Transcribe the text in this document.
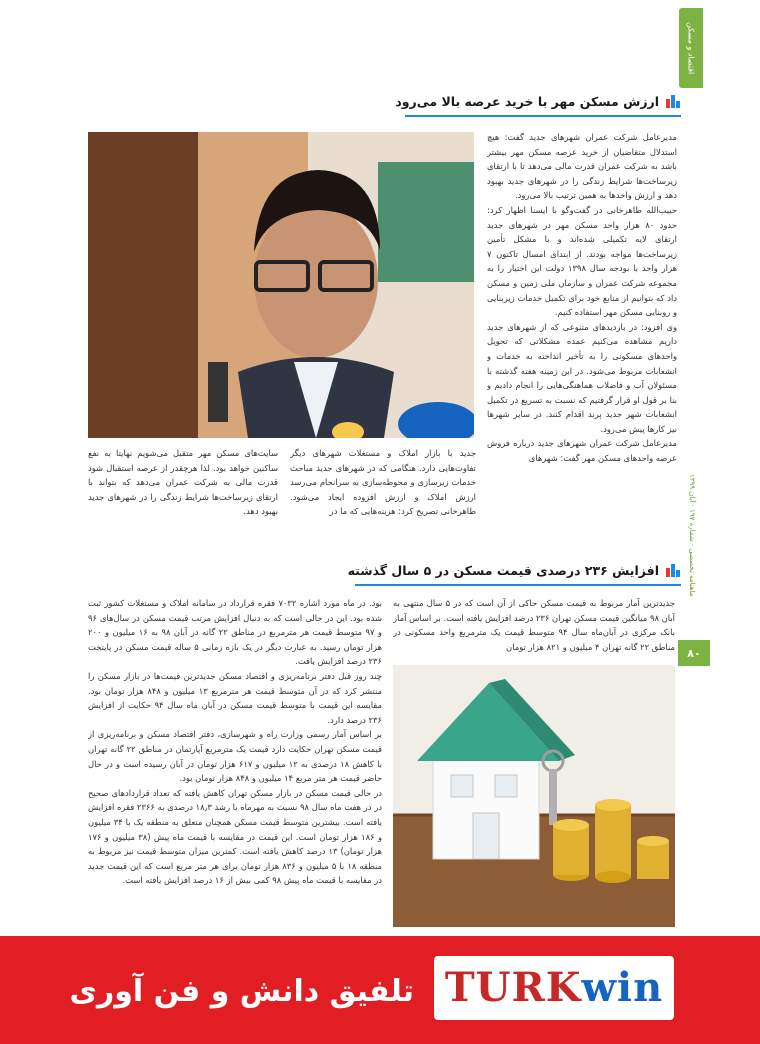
اقتصاد و مسکن
ماهنامه تخصصی · شماره ۱۹۷ · آبان ۱۳۹۹
۸۰
ارزش مسکن مهر با خرید عرصه بالا می‌رود

مدیرعامل شرکت عمران شهرهای جدید گفت: هیچ استدلال متقاضیان از خرید عرصه مسکن مهر بیشتر باشد به شرکت عمران قدرت مالی می‌دهد تا با ارتقای زیرساخت‌ها شرایط زندگی را در شهرهای جدید بهبود دهد و ارزش واحدها به همین ترتیب بالا می‌رود.

حبیب‌الله طاهرخانی در گفت‌وگو با ایسنا اظهار کرد: حدود ۸۰ هزار واحد مسکن مهر در شهرهای جدید ارتقای لایه تکمیلی شده‌اند و با مشکل تأمین زیرساخت‌ها مواجه بودند. از ابتدای امسال تاکنون ۷ هزار واحد با بودجه سال ۱۳۹۸ دولت این اختیار را به مجموعه شرکت عمران و سازمان ملی زمین و مسکن داد که بتوانیم از منابع خود برای تکمیل خدمات زیربنایی و روبنایی مسکن مهر استفاده کنیم.

وی افزود: در بازدیدهای متنوعی که از شهرهای جدید داریم مشاهده می‌کنیم عمده مشکلاتی که تحویل واحدهای مسکونی را به تأخیر انداخته به خدمات و انشعابات مربوط می‌شود. در این زمینه هفته گذشته با مسئولان آب و فاضلاب هماهنگی‌هایی را انجام دادیم و بنا بر قول او قرار گرفتیم که نسبت به تسریع در تکمیل انشعابات شهر جدید پرند اقدام کنند. در سایر شهرها نیز کارها پیش می‌رود.

مدیرعامل شرکت عمران شهرهای جدید درباره فروش عرصه واحدهای مسکن مهر گفت: شهرهای

جدید با بازار املاک و مستغلات شهرهای دیگر تفاوت‌هایی دارد. هنگامی که در شهرهای جدید مباحث خدمات زیرسازی و محوطه‌سازی به سرانجام می‌رسد ارزش املاک و ارزش افزوده ایجاد می‌شود. طاهرخانی تصریح کرد: هزینه‌هایی که ما در
سایت‌های مسکن مهر متقبل می‌شویم نهایتا به نفع ساکنین خواهد بود. لذا هرچقدر از عرصه استقبال شود قدرت مالی به شرکت عمران می‌دهد که بتواند با ارتقای زیرساخت‌ها شرایط زندگی را در شهرهای جدید بهبود دهد.
افزایش ۲۳۶ درصدی قیمت مسکن در ۵ سال گذشته
جدیدترین آمار مربوط به قیمت مسکن حاکی از آن است که در ۵ سال منتهی به آبان ۹۸ میانگین قیمت مسکن تهران ۲۳۶ درصد افزایش یافته است. بر اساس آمار بانک مرکزی در آبان‌ماه سال ۹۴ متوسط قیمت یک مترمربع واحد مسکونی در مناطق ۲۲ گانه تهران ۴ میلیون و ۸۲۱ هزار تومان

بود. در ماه مورد اشاره ۷۰۳۲ فقره قرارداد در سامانه املاک و مستغلات کشور ثبت شده بود. این در حالی است که به دنبال افزایش مرتب قیمت مسکن در سال‌های ۹۶ و ۹۷ متوسط قیمت هر مترمربع در مناطق ۲۲ گانه در آبان ۹۸ به ۱۶ میلیون و ۲۰۰ هزار تومان رسید. به عبارت دیگر در یک بازه زمانی ۵ ساله قیمت مسکن در پایتخت ۲۳۶ درصد افزایش یافت.

چند روز قبل دفتر برنامه‌ریزی و اقتصاد مسکن جدیدترین قیمت‌ها در بازار مسکن را منتشر کرد که در آن متوسط قیمت هر مترمربع ۱۳ میلیون و ۸۴۸ هزار تومان بود. مقایسه این قیمت با متوسط قیمت مسکن در آبان ماه سال ۹۴ حکایت از افزایش ۲۳۶ درصد دارد.

بر اساس آمار رسمی وزارت راه و شهرسازی، دفتر اقتصاد مسکن و برنامه‌ریزی از قیمت مسکن تهران حکایت دارد قیمت یک مترمربع آپارتمان در مناطق ۲۲ گانه تهران با کاهش ۱۸ درصدی به ۱۲ میلیون و ۶۱۷ هزار تومان در آبان رسیده است و در حال حاضر قیمت هر متر مربع ۱۴ میلیون و ۸۴۸ هزار تومان بود.

در حالی قیمت مسکن در بازار مسکن تهران کاهش یافته که تعداد قراردادهای صحیح در در هفت ماه سال ۹۸ نسبت به مهرماه با رشد ۱۸٫۳ درصدی به ۲۳۶۶ فقره افزایش یافته است. بیشترین متوسط قیمت مسکن همچنان متعلق به منطقه یک با ۳۴ میلیون و ۱۸۶ هزار تومان است. این قیمت در مقایسه با قیمت ماه پیش (۳۸ میلیون و ۱۷۶ هزار تومان) ۱۳ درصد کاهش یافته است. کمترین میزان متوسط قیمت نیز مربوط به منطقه ۱۸ با ۵ میلیون و ۸۳۶ هزار تومان برای هر متر مربع است که این قیمت جدید در مقایسه با قیمت ماه پیش ۹۸ کمی بیش از ۱۶ درصد افزایش یافته است.

TURKwin
تلفیق دانش و فن آوری
